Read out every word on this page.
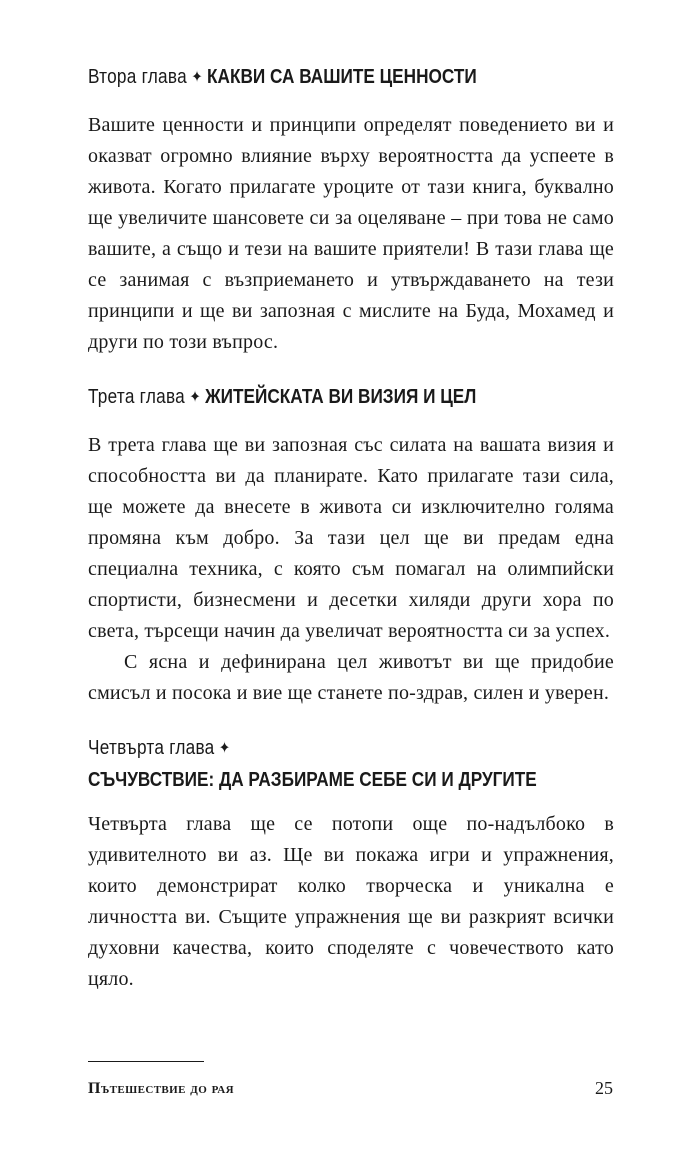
Втора глава ✦ КАКВИ СА ВАШИТЕ ЦЕННОСТИ

Вашите ценности и принципи определят поведението ви и оказват огромно влияние върху вероятността да успеете в живота. Когато прилагате уроците от тази книга, буквално ще увеличите шансовете си за оцеляване – при това не само вашите, а също и тези на вашите приятели! В тази глава ще се занимая с възприемането и утвърждаването на тези принципи и ще ви запозная с мислите на Буда, Мохамед и други по този въпрос.

Трета глава ✦ ЖИТЕЙСКАТА ВИ ВИЗИЯ И ЦЕЛ

В трета глава ще ви запозная със силата на вашата визия и способността ви да планирате. Като прилагате тази сила, ще можете да внесете в живота си изключително голяма промяна към добро. За тази цел ще ви предам една специална техника, с която съм помагал на олимпийски спортисти, бизнесмени и десетки хиляди други хора по света, търсещи начин да увеличат вероятността си за успех.

С ясна и дефинирана цел животът ви ще придобие смисъл и посока и вие ще станете по-здрав, силен и уверен.

Четвърта глава ✦
СЪЧУВСТВИЕ: ДА РАЗБИРАМЕ СЕБЕ СИ И ДРУГИТЕ

Четвърта глава ще се потопи още по-надълбоко в удивителното ви аз. Ще ви покажа игри и упражнения, които демонстрират колко творческа и уникална е личността ви. Същите упражнения ще ви разкрият всички духовни качества, които споделяте с човечеството като цяло.

Пътешествие до рая	25
